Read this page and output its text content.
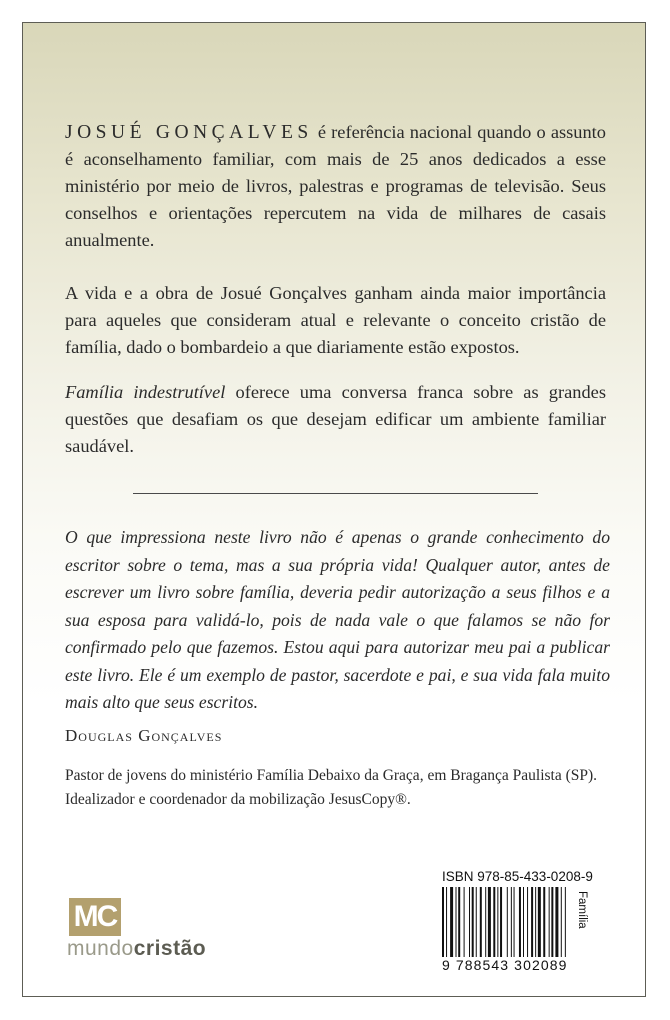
JOSUÉ GONÇALVES é referência nacional quando o assunto é aconselhamento familiar, com mais de 25 anos dedicados a esse ministério por meio de livros, palestras e programas de televisão. Seus conselhos e orientações repercutem na vida de milhares de casais anualmente.

A vida e a obra de Josué Gonçalves ganham ainda maior importância para aqueles que consideram atual e relevante o conceito cristão de família, dado o bombardeio a que diariamente estão expostos.

Família indestrutível oferece uma conversa franca sobre as grandes questões que desafiam os que desejam edificar um ambiente familiar saudável.

O que impressiona neste livro não é apenas o grande conhecimento do escritor sobre o tema, mas a sua própria vida! Qualquer autor, antes de escrever um livro sobre família, deveria pedir autorização a seus filhos e a sua esposa para validá-lo, pois de nada vale o que falamos se não for confirmado pelo que fazemos. Estou aqui para autorizar meu pai a publicar este livro. Ele é um exemplo de pastor, sacerdote e pai, e sua vida fala muito mais alto que seus escritos.

Douglas Gonçalves

Pastor de jovens do ministério Família Debaixo da Graça, em Bragança Paulista (SP). Idealizador e coordenador da mobilização JesusCopy®.

MC
mundocristão
ISBN 978-85-433-0208-9
9 788543 302089
Família
